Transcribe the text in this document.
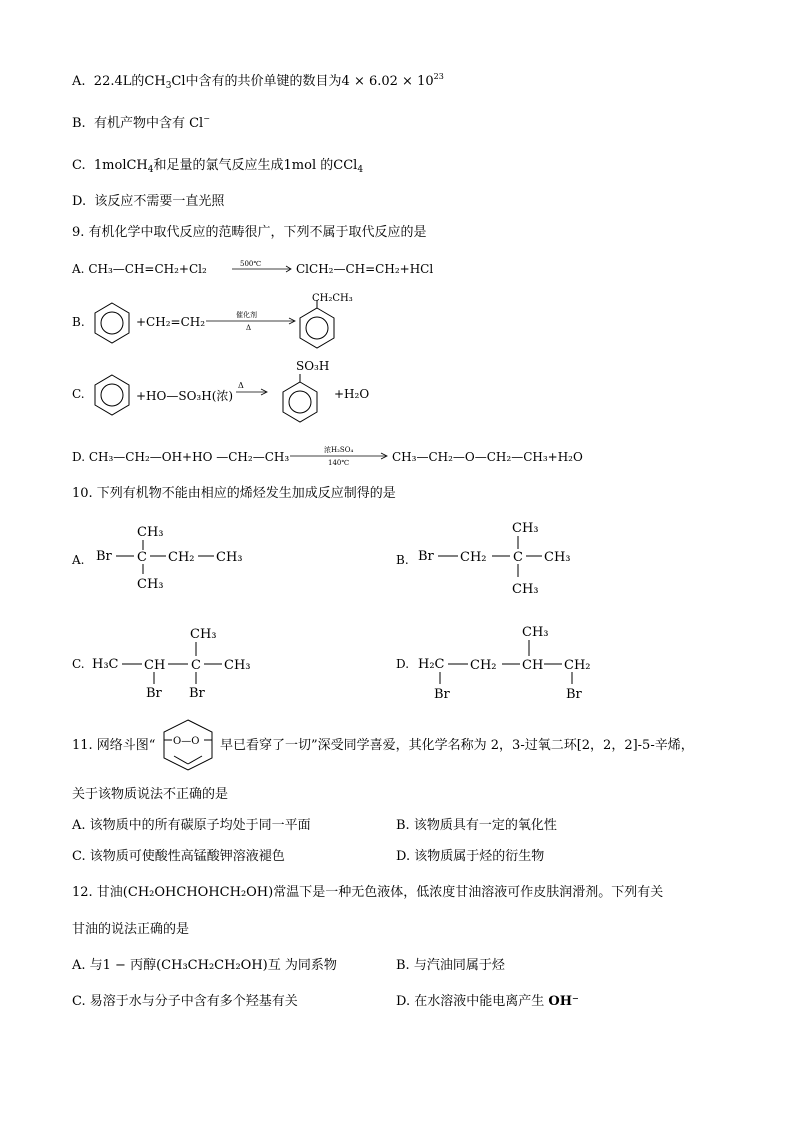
A. 22.4L的$CH_3Cl$中含有的共价单键的数目为$4 \times 6.02 \times 10^{23}$
B. 有机产物中含有 Cl−
C. 1molCH$_4$和足量的氯气反应生成1mol 的CCl$_4$
D. 该反应不需要一直光照
9. 有机化学中取代反应的范畴很广，下列不属于取代反应的是
A. CH₃—CH=CH₂+Cl₂	500℃	ClCH₂—CH=CH₂+HCl
B.	+CH₂=CH₂	催化剂
Δ
CH₂CH₃
C.	+HO—SO₃H(浓)
Δ
SO₃H
+H₂O
D. CH₃—CH₂—OH+HO —CH₂—CH₃	浓H₂SO₄
140℃	CH₃—CH₂—O—CH₂—CH₃+H₂O
10. 下列有机物不能由相应的烯烃发生加成反应制得的是
A. Br
CH₃
C
CH₃
CH₂ CH₃	B. Br CH₂
CH₃
C
CH₃
CH₃
C. H₃C CH
Br
CH₃
C
Br
CH₃	D. H₂C
Br
CH₂
CH₃
CH CH₂
Br
11. 网络斗图“ O—O 早已看穿了一切”深受同学喜爱，其化学名称为 2，3-过氧二环[2，2，2]-5-辛烯，
关于该物质说法不正确的是
A. 该物质中的所有碳原子均处于同一平面	B. 该物质具有一定的氧化性
C. 该物质可使酸性高锰酸钾溶液褪色	D. 该物质属于烃的衍生物
12. 甘油(CH₂OHCHOHCH₂OH)常温下是一种无色液体，低浓度甘油溶液可作皮肤润滑剂。下列有关
甘油的说法正确的是
A. 与1 − 丙醇(CH₃CH₂CH₂OH)互 为同系物	B. 与汽油同属于烃
C. 易溶于水与分子中含有多个羟基有关	D. 在水溶液中能电离产生 OH⁻
